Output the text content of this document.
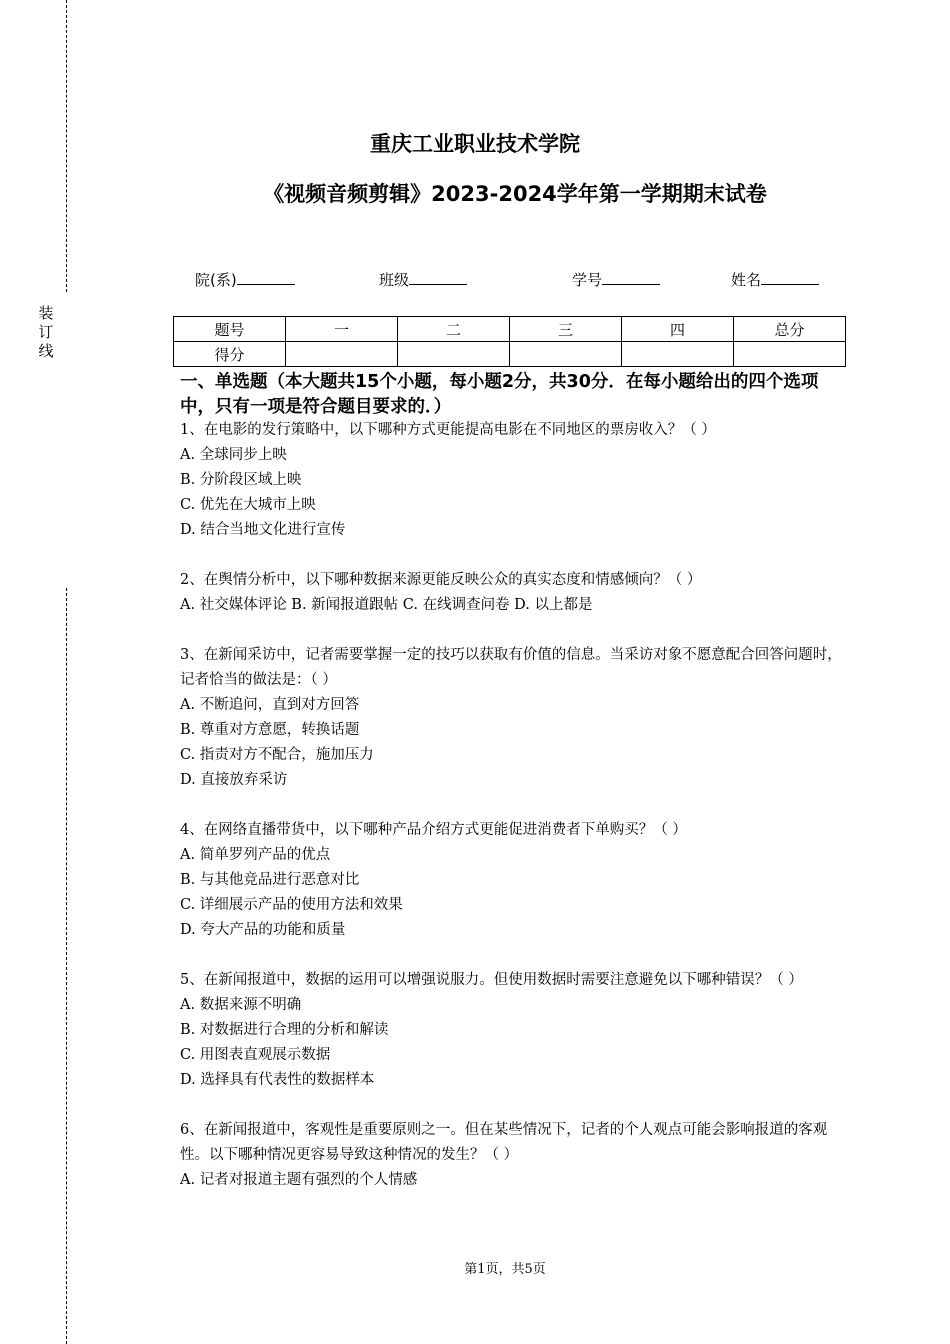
装
订
线
重庆工业职业技术学院
《视频音频剪辑》2023-2024学年第一学期期末试卷
院(系)	班级	学号	姓名
题号	一	二	三	四	总分
得分					
一、单选题（本大题共15个小题，每小题2分，共30分．在每小题给出的四个选项中，只有一项是符合题目要求的．）
1、在电影的发行策略中，以下哪种方式更能提高电影在不同地区的票房收入？（ ）
A. 全球同步上映
B. 分阶段区域上映
C. 优先在大城市上映
D. 结合当地文化进行宣传
2、在舆情分析中，以下哪种数据来源更能反映公众的真实态度和情感倾向？（ ）
A. 社交媒体评论 B. 新闻报道跟帖 C. 在线调查问卷 D. 以上都是
3、在新闻采访中，记者需要掌握一定的技巧以获取有价值的信息。当采访对象不愿意配合回答问题时，记者恰当的做法是：（ ）
A. 不断追问，直到对方回答
B. 尊重对方意愿，转换话题
C. 指责对方不配合，施加压力
D. 直接放弃采访
4、在网络直播带货中，以下哪种产品介绍方式更能促进消费者下单购买？（ ）
A. 简单罗列产品的优点
B. 与其他竞品进行恶意对比
C. 详细展示产品的使用方法和效果
D. 夸大产品的功能和质量
5、在新闻报道中，数据的运用可以增强说服力。但使用数据时需要注意避免以下哪种错误？（ ）
A. 数据来源不明确
B. 对数据进行合理的分析和解读
C. 用图表直观展示数据
D. 选择具有代表性的数据样本
6、在新闻报道中，客观性是重要原则之一。但在某些情况下，记者的个人观点可能会影响报道的客观性。以下哪种情况更容易导致这种情况的发生？（ ）
A. 记者对报道主题有强烈的个人情感
第1页，共5页
